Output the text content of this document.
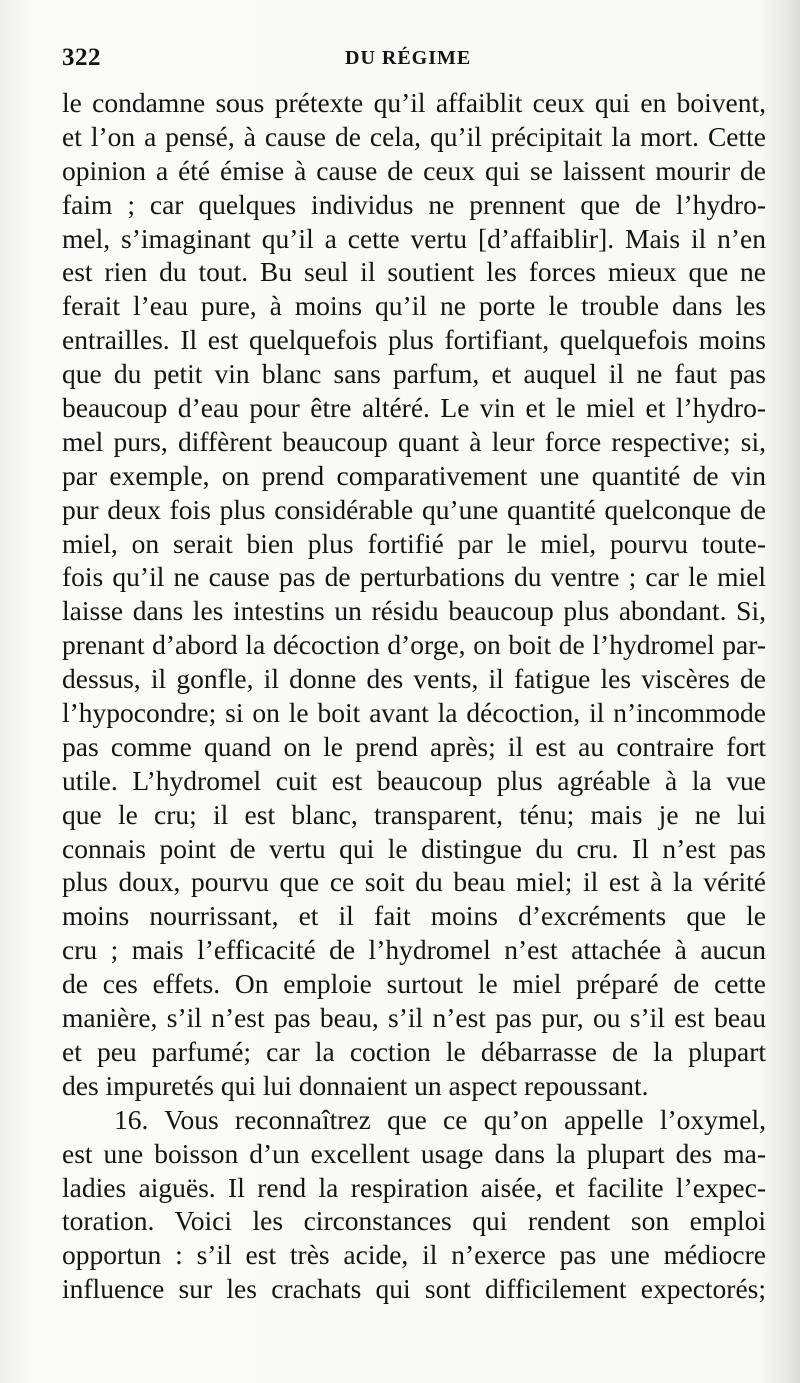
322	DU RÉGIME
le condamne sous prétexte qu’il affaiblit ceux qui en boivent,
et l’on a pensé, à cause de cela, qu’il précipitait la mort. Cette
opinion a été émise à cause de ceux qui se laissent mourir de
faim ; car quelques individus ne prennent que de l’hydro-
mel, s’imaginant qu’il a cette vertu [d’affaiblir]. Mais il n’en
est rien du tout. Bu seul il soutient les forces mieux que ne
ferait l’eau pure, à moins qu’il ne porte le trouble dans les
entrailles. Il est quelquefois plus fortifiant, quelquefois moins
que du petit vin blanc sans parfum, et auquel il ne faut pas
beaucoup d’eau pour être altéré. Le vin et le miel et l’hydro-
mel purs, diffèrent beaucoup quant à leur force respective; si,
par exemple, on prend comparativement une quantité de vin
pur deux fois plus considérable qu’une quantité quelconque de
miel, on serait bien plus fortifié par le miel, pourvu toute-
fois qu’il ne cause pas de perturbations du ventre ; car le miel
laisse dans les intestins un résidu beaucoup plus abondant. Si,
prenant d’abord la décoction d’orge, on boit de l’hydromel par-
dessus, il gonfle, il donne des vents, il fatigue les viscères de
l’hypocondre; si on le boit avant la décoction, il n’incommode
pas comme quand on le prend après; il est au contraire fort
utile. L’hydromel cuit est beaucoup plus agréable à la vue
que le cru; il est blanc, transparent, ténu; mais je ne lui
connais point de vertu qui le distingue du cru. Il n’est pas
plus doux, pourvu que ce soit du beau miel; il est à la vérité
moins nourrissant, et il fait moins d’excréments que le
cru ; mais l’efficacité de l’hydromel n’est attachée à aucun
de ces effets. On emploie surtout le miel préparé de cette
manière, s’il n’est pas beau, s’il n’est pas pur, ou s’il est beau
et peu parfumé; car la coction le débarrasse de la plupart
des impuretés qui lui donnaient un aspect repoussant.
16. Vous reconnaîtrez que ce qu’on appelle l’oxymel,
est une boisson d’un excellent usage dans la plupart des ma-
ladies aiguës. Il rend la respiration aisée, et facilite l’expec-
toration. Voici les circonstances qui rendent son emploi
opportun : s’il est très acide, il n’exerce pas une médiocre
influence sur les crachats qui sont difficilement expectorés;
